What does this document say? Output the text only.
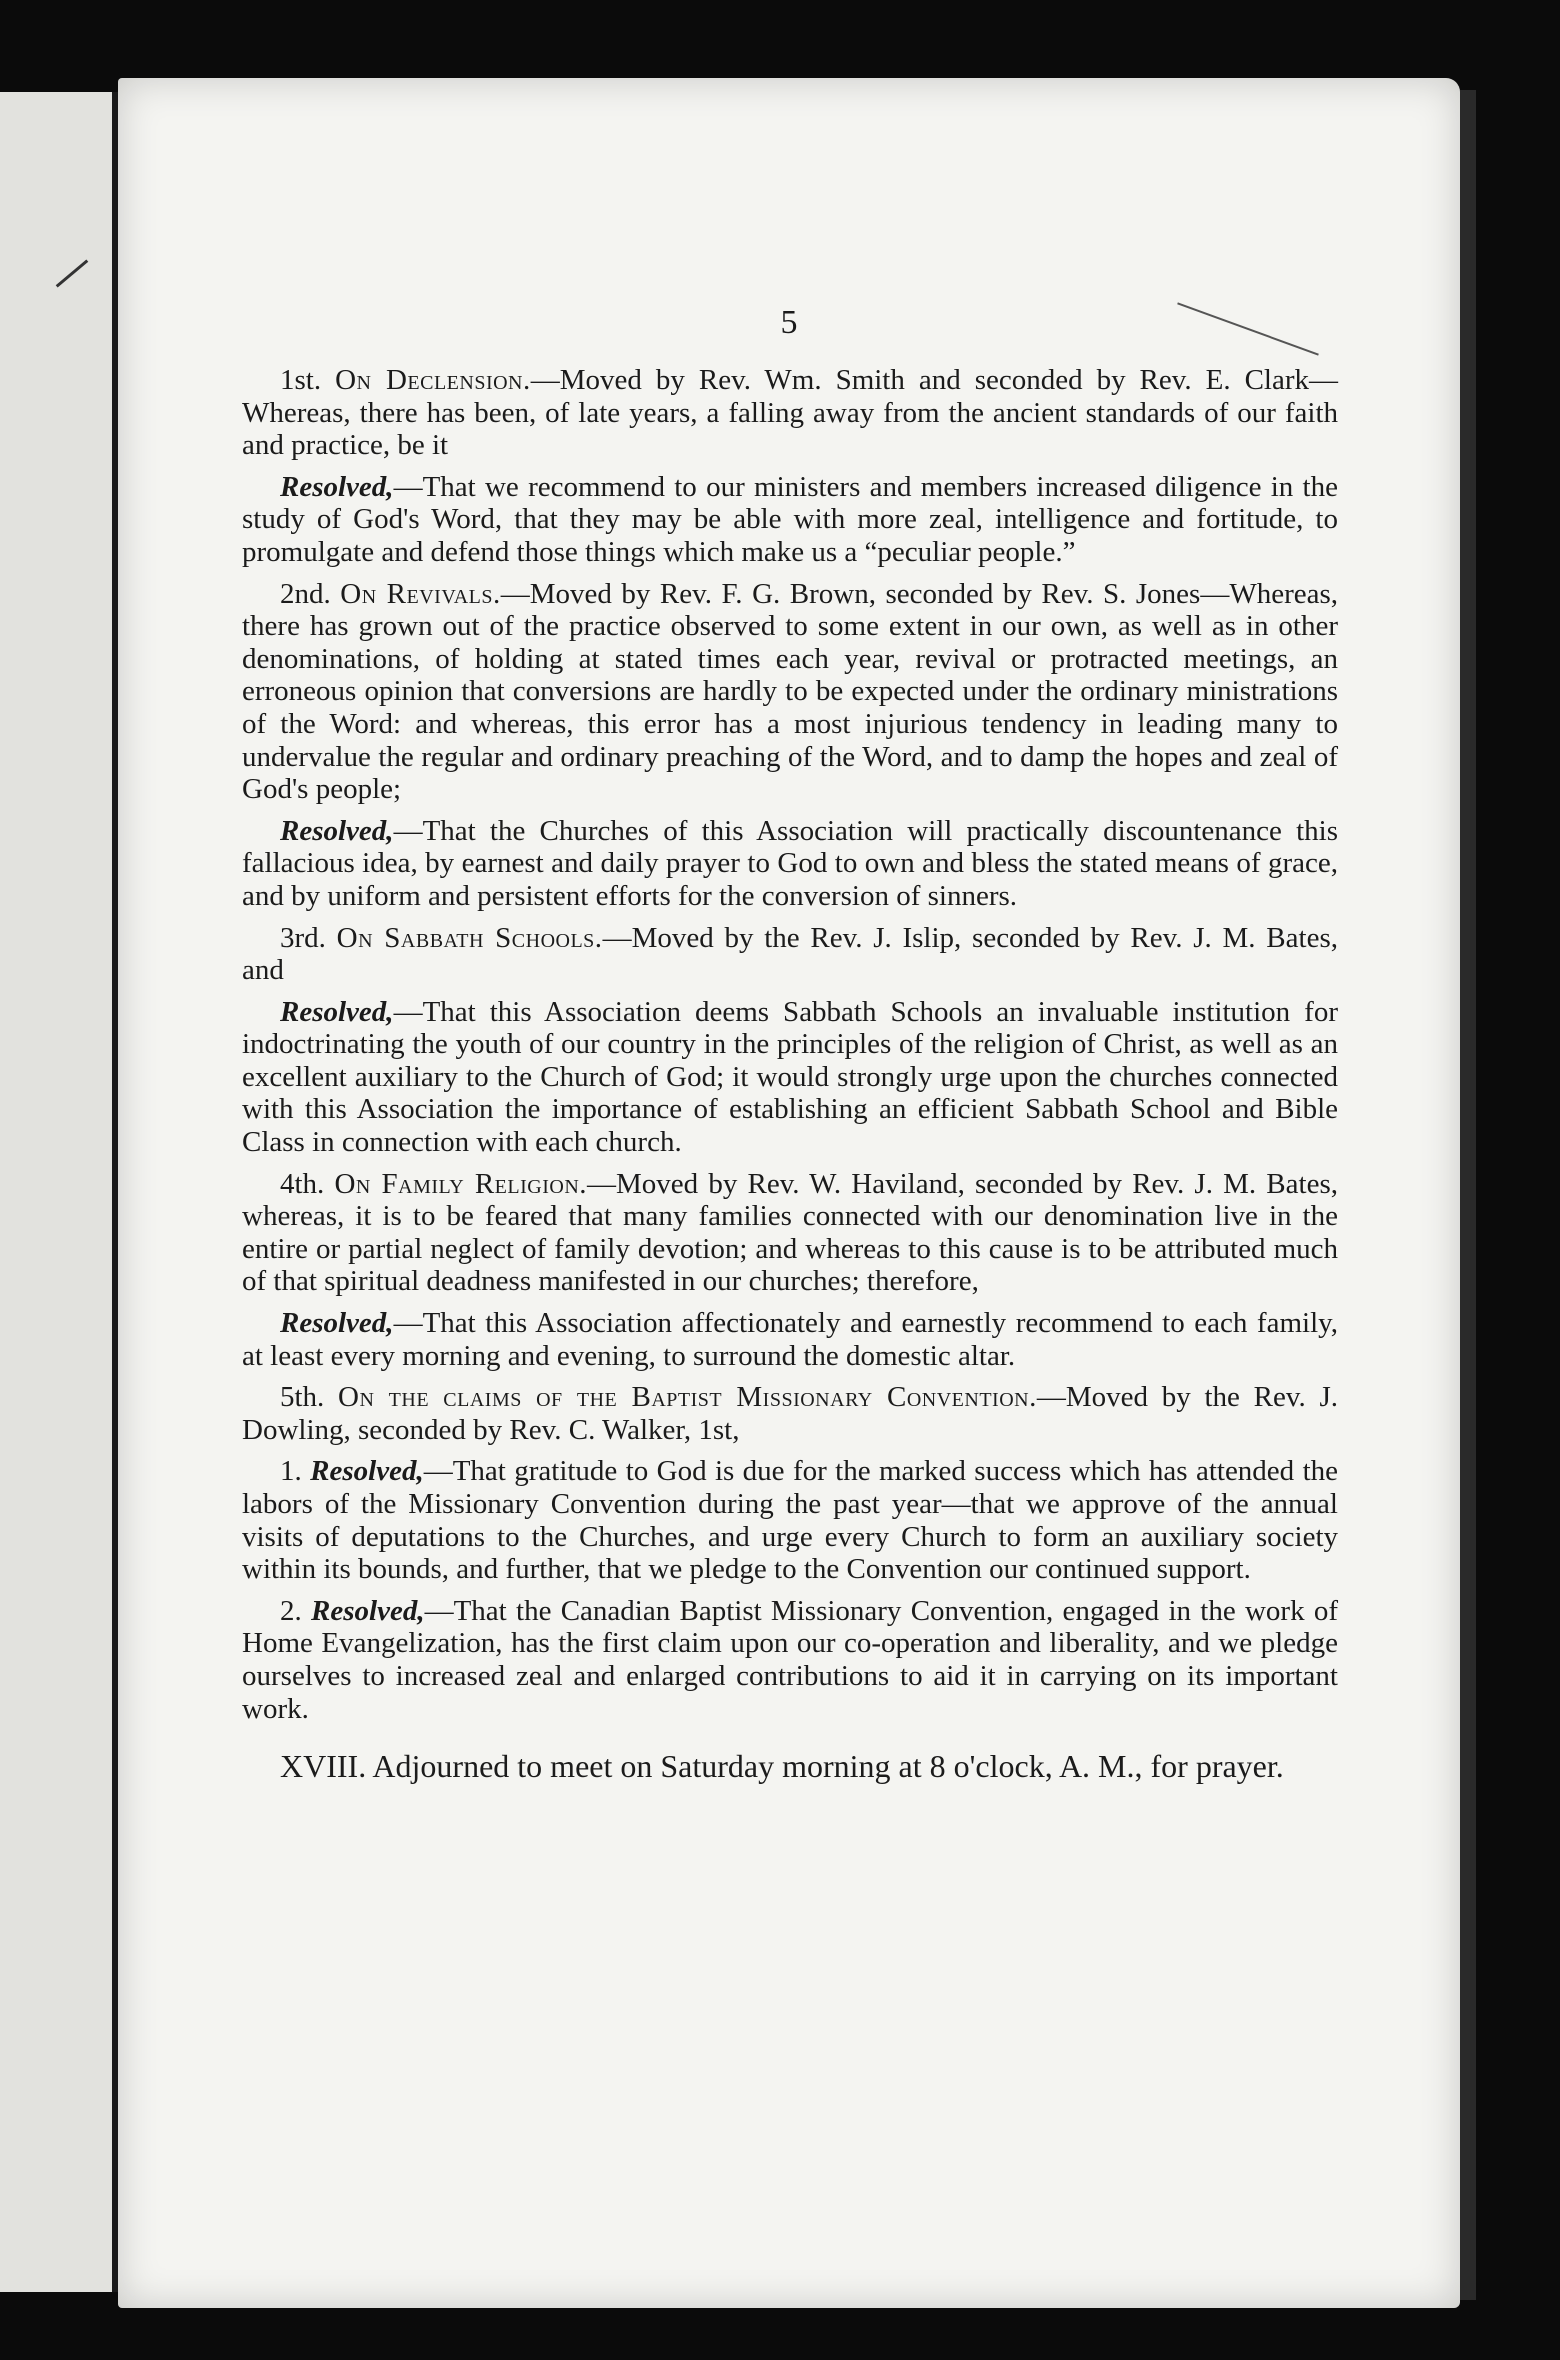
5

1st. On Declension.—Moved by Rev. Wm. Smith and seconded by Rev. E. Clark—Whereas, there has been, of late years, a falling away from the ancient standards of our faith and practice, be it

Resolved,—That we recommend to our ministers and members increased diligence in the study of God's Word, that they may be able with more zeal, intelligence and fortitude, to promulgate and defend those things which make us a “peculiar people.”

2nd. On Revivals.—Moved by Rev. F. G. Brown, seconded by Rev. S. Jones—Whereas, there has grown out of the practice observed to some extent in our own, as well as in other denominations, of holding at stated times each year, revival or protracted meetings, an erroneous opinion that conversions are hardly to be expected under the ordinary ministrations of the Word: and whereas, this error has a most injurious tendency in leading many to undervalue the regular and ordinary preaching of the Word, and to damp the hopes and zeal of God's people;

Resolved,—That the Churches of this Association will practically discountenance this fallacious idea, by earnest and daily prayer to God to own and bless the stated means of grace, and by uniform and persistent efforts for the conversion of sinners.

3rd. On Sabbath Schools.—Moved by the Rev. J. Islip, seconded by Rev. J. M. Bates, and

Resolved,—That this Association deems Sabbath Schools an invaluable institution for indoctrinating the youth of our country in the principles of the religion of Christ, as well as an excellent auxiliary to the Church of God; it would strongly urge upon the churches connected with this Association the importance of establishing an efficient Sabbath School and Bible Class in connection with each church.

4th. On Family Religion.—Moved by Rev. W. Haviland, seconded by Rev. J. M. Bates, whereas, it is to be feared that many families connected with our denomination live in the entire or partial neglect of family devotion; and whereas to this cause is to be attributed much of that spiritual deadness manifested in our churches; therefore,

Resolved,—That this Association affectionately and earnestly recommend to each family, at least every morning and evening, to surround the domestic altar.

5th. On the claims of the Baptist Missionary Convention.—Moved by the Rev. J. Dowling, seconded by Rev. C. Walker, 1st,

1. Resolved,—That gratitude to God is due for the marked success which has attended the labors of the Missionary Convention during the past year—that we approve of the annual visits of deputations to the Churches, and urge every Church to form an auxiliary society within its bounds, and further, that we pledge to the Convention our continued support.

2. Resolved,—That the Canadian Baptist Missionary Convention, engaged in the work of Home Evangelization, has the first claim upon our co-operation and liberality, and we pledge ourselves to increased zeal and enlarged contributions to aid it in carrying on its important work.

XVIII. Adjourned to meet on Saturday morning at 8 o'clock, A. M., for prayer.
